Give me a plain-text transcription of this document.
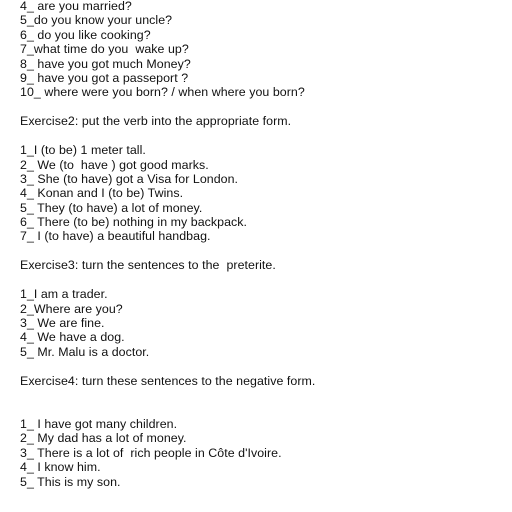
4_ are you married?
5_do you know your uncle?
6_ do you like cooking?
7_what time do you  wake up?
8_ have you got much Money?
9_ have you got a passeport ?
10_ where were you born? / when where you born?
Exercise2: put the verb into the appropriate form.
1_I (to be) 1 meter tall.
2_ We (to  have ) got good marks.
3_ She (to have) got a Visa for London.
4_ Konan and I (to be) Twins.
5_ They (to have) a lot of money.
6_ There (to be) nothing in my backpack.
7_ I (to have) a beautiful handbag.
Exercise3: turn the sentences to the  preterite.
1_I am a trader.
2_Where are you?
3_ We are fine.
4_ We have a dog.
5_ Mr. Malu is a doctor.
Exercise4: turn these sentences to the negative form.
1_ I have got many children.
2_ My dad has a lot of money.
3_ There is a lot of  rich people in Côte d'Ivoire.
4_ I know him.
5_ This is my son.
